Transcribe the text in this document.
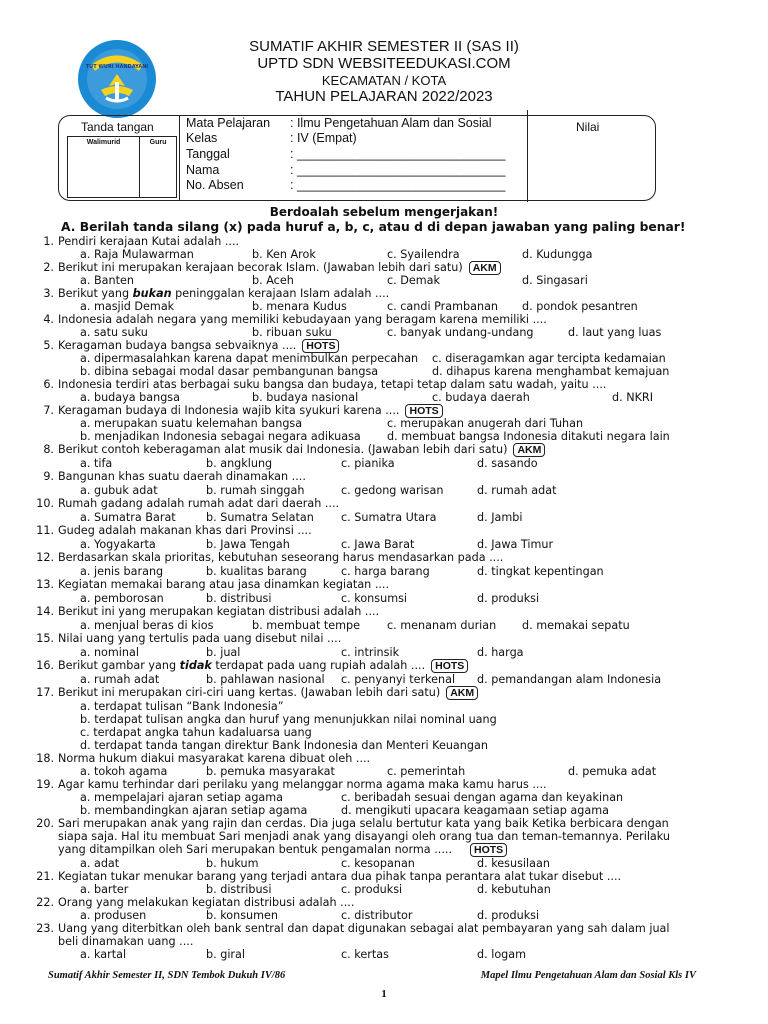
TUT WURI HANDAYANI
SUMATIF AKHIR SEMESTER II (SAS II)
UPTD SDN WEBSITEEDUKASI.COM
KECAMATAN / KOTA
TAHUN PELAJARAN 2022/2023
Tanda tangan
Walimurid	Guru
Nilai
Mata Pelajaran : Ilmu Pengetahuan Alam dan Sosial
Kelas	: IV (Empat)
Tanggal	: ______________________________
Nama	: ______________________________
No. Absen	: ______________________________
Berdoalah sebelum mengerjakan!
A. Berilah tanda silang (x) pada huruf a, b, c, atau d di depan jawaban yang paling benar!
1. Pendiri kerajaan Kutai adalah ....
a. Raja Mulawarman	b. Ken Arok	c. Syailendra	d. Kudungga
2. Berikut ini merupakan kerajaan becorak Islam. (Jawaban lebih dari satu) AKM
a. Banten	b. Aceh	c. Demak	d. Singasari
3. Berikut yang bukan peninggalan kerajaan Islam adalah ....
a. masjid Demak	b. menara Kudus	c. candi Prambanan d. pondok pesantren
4. Indonesia adalah negara yang memiliki kebudayaan yang beragam karena memiliki ....
a. satu suku	b. ribuan suku	c. banyak undang-undang	d. laut yang luas
5. Keragaman budaya bangsa sebvaiknya .... HOTS
a. dipermasalahkan karena dapat menimbulkan perpecahan c. diseragamkan agar tercipta kedamaian
b. dibina sebagai modal dasar pembangunan bangsa	d. dihapus karena menghambat kemajuan
6. Indonesia terdiri atas berbagai suku bangsa dan budaya, tetapi tetap dalam satu wadah, yaitu ....
a. budaya bangsa	b. budaya nasional	c. budaya daerah	d. NKRI
7. Keragaman budaya di Indonesia wajib kita syukuri karena .... HOTS
a. merupakan suatu kelemahan bangsa	c. merupakan anugerah dari Tuhan
b. menjadikan Indonesia sebagai negara adikuasa d. membuat bangsa Indonesia ditakuti negara lain
8. Berikut contoh keberagaman alat musik dai Indonesia. (Jawaban lebih dari satu) AKM
a. tifa	b. angklung	c. pianika	d. sasando
9. Bangunan khas suatu daerah dinamakan ....
a. gubuk adat	b. rumah singgah	c. gedong warisan	d. rumah adat
10. Rumah gadang adalah rumah adat dari daerah ....
a. Sumatra Barat	b. Sumatra Selatan c. Sumatra Utara	d. Jambi
11. Gudeg adalah makanan khas dari Provinsi ....
a. Yogyakarta	b. Jawa Tengah	c. Jawa Barat	d. Jawa Timur
12. Berdasarkan skala prioritas, kebutuhan seseorang harus mendasarkan pada ....
a. jenis barang	b. kualitas barang	c. harga barang	d. tingkat kepentingan
13. Kegiatan memakai barang atau jasa dinamkan kegiatan ....
a. pemborosan	b. distribusi	c. konsumsi	d. produksi
14. Berikut ini yang merupakan kegiatan distribusi adalah ....
a. menjual beras di kios	b. membuat tempe c. menanam durian d. memakai sepatu
15. Nilai uang yang tertulis pada uang disebut nilai ....
a. nominal	b. jual	c. intrinsik	d. harga
16. Berikut gambar yang tidak terdapat pada uang rupiah adalah .... HOTS
a. rumah adat	b. pahlawan nasional c. penyanyi terkenal d. pemandangan alam Indonesia
17. Berikut ini merupakan ciri-ciri uang kertas. (Jawaban lebih dari satu) AKM
a. terdapat tulisan “Bank Indonesia”
b. terdapat tulisan angka dan huruf yang menunjukkan nilai nominal uang
c. terdapat angka tahun kadaluarsa uang
d. terdapat tanda tangan direktur Bank Indonesia dan Menteri Keuangan
18. Norma hukum diakui masyarakat karena dibuat oleh ....
a. tokoh agama	b. pemuka masyarakat	c. pemerintah	d. pemuka adat
19. Agar kamu terhindar dari perilaku yang melanggar norma agama maka kamu harus ....
a. mempelajari ajaran setiap agama	c. beribadah sesuai dengan agama dan keyakinan
b. membandingkan ajaran setiap agama	d. mengikuti upacara keagamaan setiap agama
20. Sari merupakan anak yang rajin dan cerdas. Dia juga selalu bertutur kata yang baik Ketika berbicara dengan
siapa saja. Hal itu membuat Sari menjadi anak yang disayangi oleh orang tua dan teman-temannya. Perilaku
yang ditampilkan oleh Sari merupakan bentuk pengamalan norma ..... HOTS
a. adat	b. hukum	c. kesopanan	d. kesusilaan
21. Kegiatan tukar menukar barang yang terjadi antara dua pihak tanpa perantara alat tukar disebut ....
a. barter	b. distribusi	c. produksi	d. kebutuhan
22. Orang yang melakukan kegiatan distribusi adalah ....
a. produsen	b. konsumen	c. distributor	d. produksi
23. Uang yang diterbitkan oleh bank sentral dan dapat digunakan sebagai alat pembayaran yang sah dalam jual
beli dinamakan uang ....
a. kartal	b. giral	c. kertas	d. logam
Sumatif Akhir Semester II, SDN Tembok Dukuh IV/86	Mapel Ilmu Pengetahuan Alam dan Sosial Kls IV
1
